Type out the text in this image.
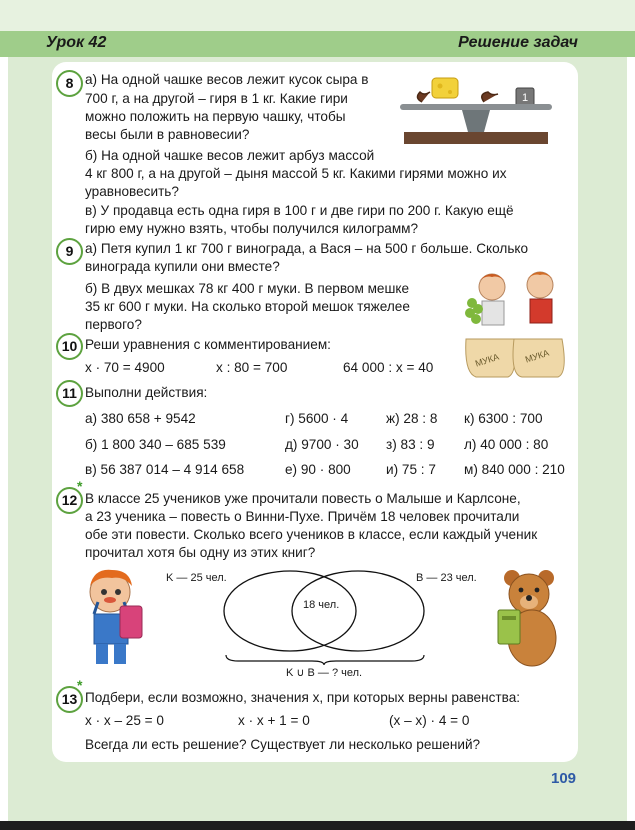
Урок 42	Решение задач
8 а) На одной чашке весов лежит кусок сыра в
700 г, а на другой – гиря в 1 кг. Какие гири
можно положить на первую чашку, чтобы
весы были в равновесии?
1
б) На одной чашке весов лежит арбуз массой
4 кг 800 г, а на другой – дыня массой 5 кг. Какими гирями можно их
уравновесить?
в) У продавца есть одна гиря в 100 г и две гири по 200 г. Какую ещё
гирю ему нужно взять, чтобы получился килограмм?
9 а) Петя купил 1 кг 700 г винограда, а Вася – на 500 г больше. Сколько
винограда купили они вместе?
б) В двух мешках 78 кг 400 г муки. В первом мешке
35 кг 600 г муки. На сколько второй мешок тяжелее
первого?
МУКА	МУКА
10 Реши уравнения с комментированием:
x · 70 = 4900	x : 80 = 700	64 000 : x = 40
11 Выполни действия:
а) 380 658 + 9542	г) 5600 · 4	ж) 28 : 8 к) 6300 : 700
б) 1 800 340 – 685 539	д) 9700 · 30 з) 83 : 9 л) 40 000 : 80
в) 56 387 014 – 4 914 658	е) 90 · 800	и) 75 : 7 м) 840 000 : 210
12
*
В классе 25 учеников уже прочитали повесть о Малыше и Карлсоне,
а 23 ученика – повесть о Винни-Пухе. Причём 18 человек прочитали
обе эти повести. Сколько всего учеников в классе, если каждый ученик
прочитал хотя бы одну из этих книг?
K — 25 чел.	B — 23 чел.
18 чел.
K ∪ B — ? чел.
13
*
Подбери, если возможно, значения x, при которых верны равенства:
x · x – 25 = 0	x · x + 1 = 0	(x – x) · 4 = 0
Всегда ли есть решение? Существует ли несколько решений?
109
